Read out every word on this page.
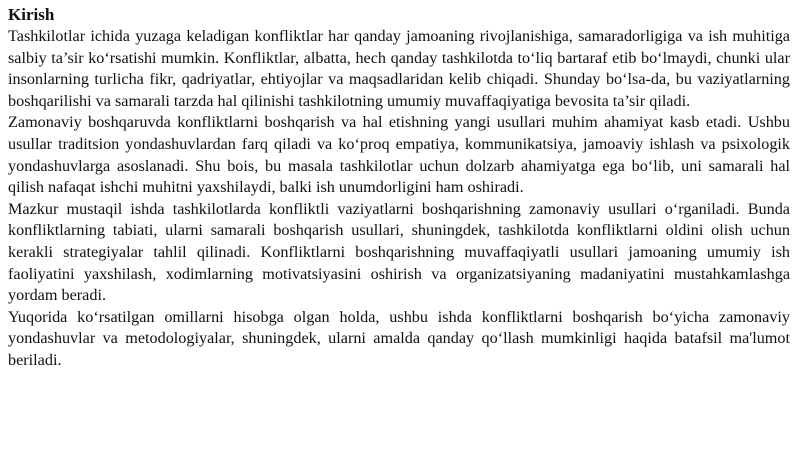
Kirish

Tashkilotlar ichida yuzaga keladigan konfliktlar har qanday jamoaning rivojlanishiga, samaradorligiga va ish muhitiga salbiy ta’sir ko‘rsatishi mumkin. Konfliktlar, albatta, hech qanday tashkilotda to‘liq bartaraf etib bo‘lmaydi, chunki ular insonlarning turlicha fikr, qadriyatlar, ehtiyojlar va maqsadlaridan kelib chiqadi. Shunday bo‘lsa-da, bu vaziyatlarning boshqarilishi va samarali tarzda hal qilinishi tashkilotning umumiy muvaffaqiyatiga bevosita ta’sir qiladi.

Zamonaviy boshqaruvda konfliktlarni boshqarish va hal etishning yangi usullari muhim ahamiyat kasb etadi. Ushbu usullar traditsion yondashuvlardan farq qiladi va ko‘proq empatiya, kommunikatsiya, jamoaviy ishlash va psixologik yondashuvlarga asoslanadi. Shu bois, bu masala tashkilotlar uchun dolzarb ahamiyatga ega bo‘lib, uni samarali hal qilish nafaqat ishchi muhitni yaxshilaydi, balki ish unumdorligini ham oshiradi.

Mazkur mustaqil ishda tashkilotlarda konfliktli vaziyatlarni boshqarishning zamonaviy usullari o‘rganiladi. Bunda konfliktlarning tabiati, ularni samarali boshqarish usullari, shuningdek, tashkilotda konfliktlarni oldini olish uchun kerakli strategiyalar tahlil qilinadi. Konfliktlarni boshqarishning muvaffaqiyatli usullari jamoaning umumiy ish faoliyatini yaxshilash, xodimlarning motivatsiyasini oshirish va organizatsiyaning madaniyatini mustahkamlashga yordam beradi.

Yuqorida ko‘rsatilgan omillarni hisobga olgan holda, ushbu ishda konfliktlarni boshqarish bo‘yicha zamonaviy yondashuvlar va metodologiyalar, shuningdek, ularni amalda qanday qo‘llash mumkinligi haqida batafsil ma'lumot beriladi.
